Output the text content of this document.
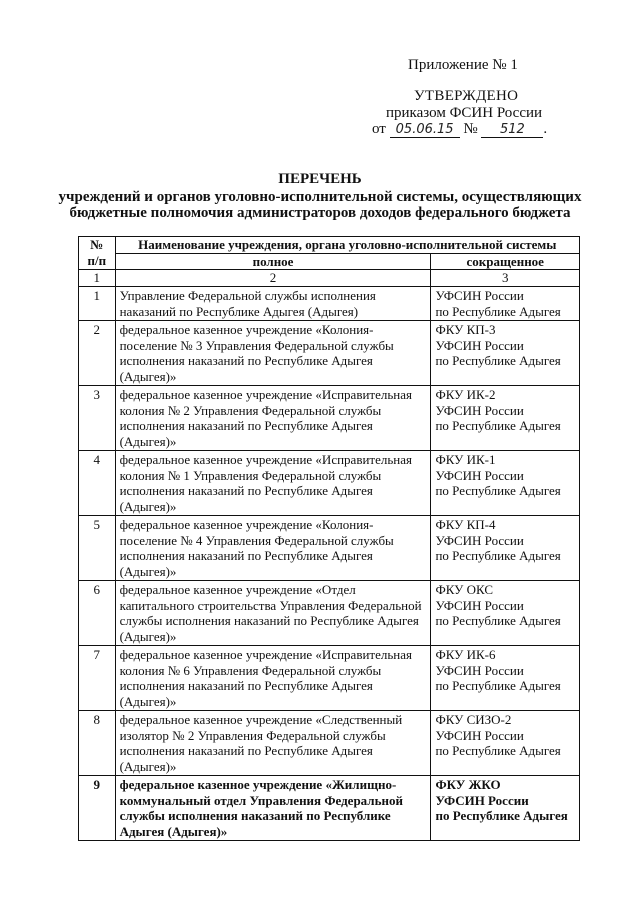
Приложение № 1
УТВЕРЖДЕНО
приказом ФСИН России
от 05.06.15 № 512 .
ПЕРЕЧЕНЬ
учреждений и органов уголовно-исполнительной системы, осуществляющих
бюджетные полномочия администраторов доходов федерального бюджета
№
п/п	Наименование учреждения, органа уголовно-исполнительной системы	
	полное	сокращенное
1	2	3
1	Управление Федеральной службы исполнения наказаний по Республике Адыгея (Адыгея)	УФСИН России
по Республике Адыгея

2	федеральное казенное учреждение «Колония-поселение № 3 Управления Федеральной службы исполнения наказаний по Республике Адыгея (Адыгея)»	ФКУ КП-3
УФСИН России
по Республике Адыгея

3	федеральное казенное учреждение «Исправительная колония № 2 Управления Федеральной службы исполнения наказаний по Республике Адыгея (Адыгея)»	ФКУ ИК-2
УФСИН России
по Республике Адыгея

4	федеральное казенное учреждение «Исправительная колония № 1 Управления Федеральной службы исполнения наказаний по Республике Адыгея (Адыгея)»	ФКУ ИК-1
УФСИН России
по Республике Адыгея

5	федеральное казенное учреждение «Колония-поселение № 4 Управления Федеральной службы исполнения наказаний по Республике Адыгея (Адыгея)»	ФКУ КП-4
УФСИН России
по Республике Адыгея

6	федеральное казенное учреждение «Отдел капитального строительства Управления Федеральной службы исполнения наказаний по Республике Адыгея (Адыгея)»	ФКУ ОКС
УФСИН России
по Республике Адыгея

7	федеральное казенное учреждение «Исправительная колония № 6 Управления Федеральной службы исполнения наказаний по Республике Адыгея (Адыгея)»	ФКУ ИК-6
УФСИН России
по Республике Адыгея

8	федеральное казенное учреждение «Следственный изолятор № 2 Управления Федеральной службы исполнения наказаний по Республике Адыгея (Адыгея)»	ФКУ СИЗО-2
УФСИН России
по Республике Адыгея

9	федеральное казенное учреждение «Жилищно-коммунальный отдел Управления Федеральной службы исполнения наказаний по Республике Адыгея (Адыгея)»	ФКУ ЖКО
УФСИН России
по Республике Адыгея
